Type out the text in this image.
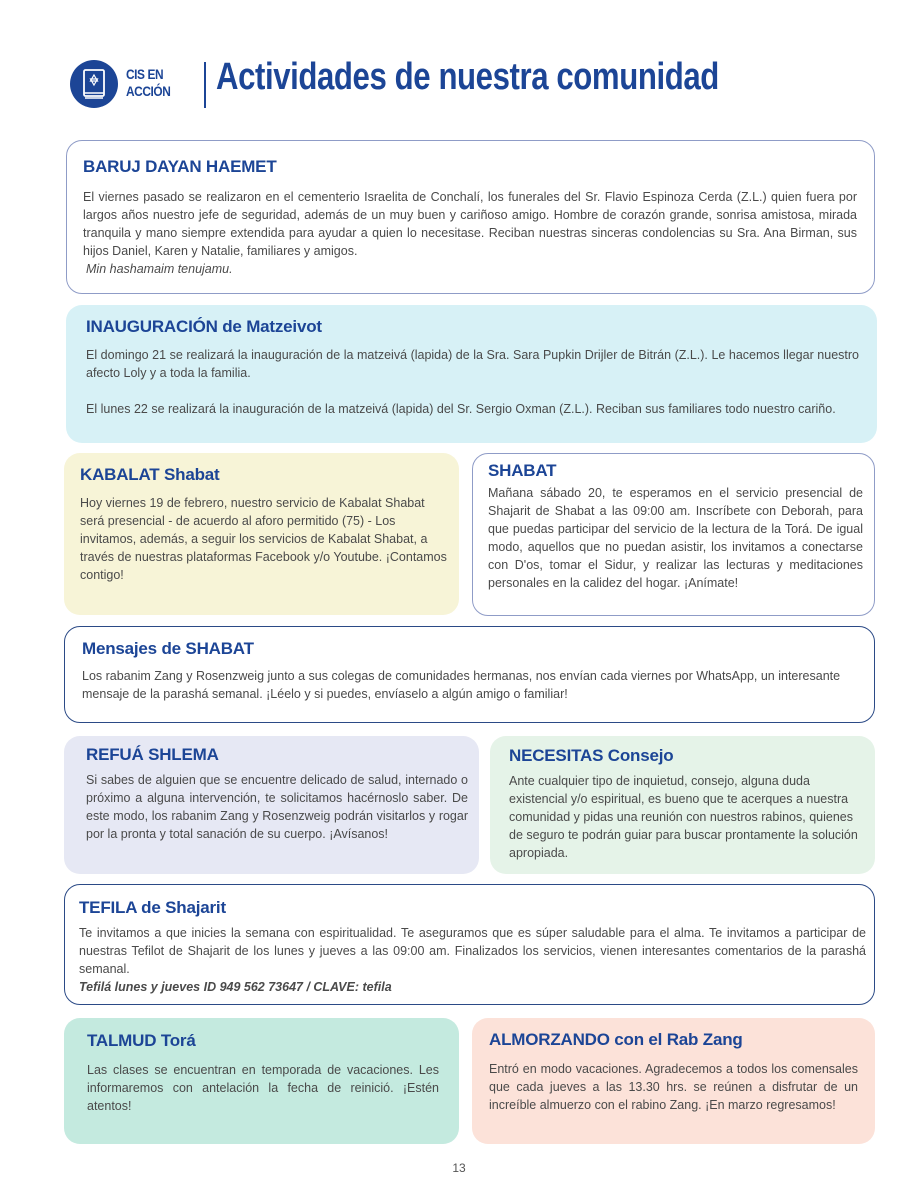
CIS EN
ACCIÓN Actividades de nuestra comunidad
BARUJ DAYAN HAEMET

El viernes pasado se realizaron en el cementerio Israelita de Conchalí, los funerales del Sr. Flavio Espinoza Cerda (Z.L.) quien fuera por largos años nuestro jefe de seguridad, además de un muy buen y cariñoso amigo. Hombre de corazón grande, sonrisa amistosa, mirada tranquila y mano siempre extendida para ayudar a quien lo necesitase. Reciban nuestras sinceras condolencias su Sra. Ana Birman, sus hijos Daniel, Karen y Natalie, familiares y amigos.

Min hashamaim tenujamu.

INAUGURACIÓN de Matzeivot

El domingo 21 se realizará la inauguración de la matzeivá (lapida) de la Sra. Sara Pupkin Drijler de Bitrán (Z.L.). Le hacemos llegar nuestro afecto Loly y a toda la familia.

El lunes 22 se realizará la inauguración de la matzeivá (lapida) del Sr. Sergio Oxman (Z.L.). Reciban sus familiares todo nuestro cariño.

KABALAT Shabat

Hoy viernes 19 de febrero, nuestro servicio de Kabalat Shabat será presencial - de acuerdo al aforo permitido (75) - Los invitamos, además, a seguir los servicios de Kabalat Shabat, a través de nuestras plataformas Facebook y/o Youtube. ¡Contamos contigo!

SHABAT

Mañana sábado 20, te esperamos en el servicio presencial de Shajarit de Shabat a las 09:00 am. Inscríbete con Deborah, para que puedas participar del servicio de la lectura de la Torá. De igual modo, aquellos que no puedan asistir, los invitamos a conectarse con D'os, tomar el Sidur, y realizar las lecturas y meditaciones personales en la calidez del hogar. ¡Anímate!

Mensajes de SHABAT

Los rabanim Zang y Rosenzweig junto a sus colegas de comunidades hermanas, nos envían cada viernes por WhatsApp, un interesante mensaje de la parashá semanal. ¡Léelo y si puedes, envíaselo a algún amigo o familiar!

REFUÁ SHLEMA

Si sabes de alguien que se encuentre delicado de salud, internado o próximo a alguna intervención, te solicitamos hacérnoslo saber. De este modo, los rabanim Zang y Rosenzweig podrán visitarlos y rogar por la pronta y total sanación de su cuerpo. ¡Avísanos!

NECESITAS Consejo

Ante cualquier tipo de inquietud, consejo, alguna duda existencial y/o espiritual, es bueno que te acerques a nuestra comunidad y pidas una reunión con nuestros rabinos, quienes de seguro te podrán guiar para buscar prontamente la solución apropiada.

TEFILA de Shajarit

Te invitamos a que inicies la semana con espiritualidad. Te aseguramos que es súper saludable para el alma. Te invitamos a participar de nuestras Tefilot de Shajarit de los lunes y jueves a las 09:00 am. Finalizados los servicios, vienen interesantes comentarios de la parashá semanal.

Tefilá lunes y jueves ID 949 562 73647 / CLAVE: tefila

TALMUD Torá

Las clases se encuentran en temporada de vacaciones. Les informaremos con antelación la fecha de reinició. ¡Estén atentos!

ALMORZANDO con el Rab Zang

Entró en modo vacaciones. Agradecemos a todos los comensales que cada jueves a las 13.30 hrs. se reúnen a disfrutar de un increíble almuerzo con el rabino Zang. ¡En marzo regresamos!

13
